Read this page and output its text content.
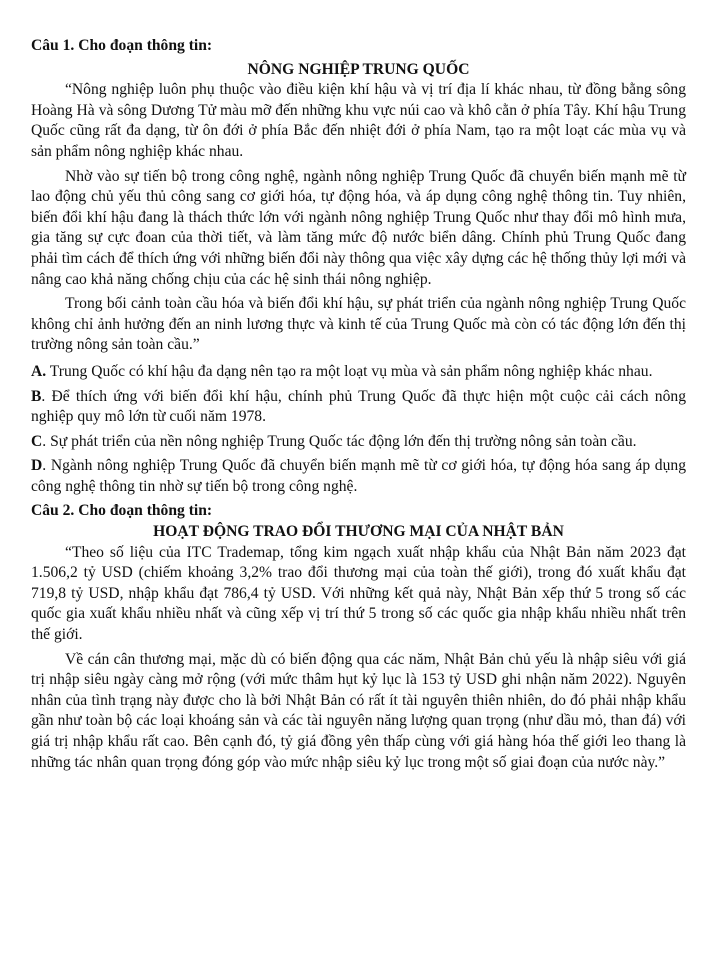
Câu 1. Cho đoạn thông tin:
NÔNG NGHIỆP TRUNG QUỐC

“Nông nghiệp luôn phụ thuộc vào điều kiện khí hậu và vị trí địa lí khác nhau, từ đồng bằng sông Hoàng Hà và sông Dương Tử màu mỡ đến những khu vực núi cao và khô cằn ở phía Tây. Khí hậu Trung Quốc cũng rất đa dạng, từ ôn đới ở phía Bắc đến nhiệt đới ở phía Nam, tạo ra một loạt các mùa vụ và sản phẩm nông nghiệp khác nhau.

Nhờ vào sự tiến bộ trong công nghệ, ngành nông nghiệp Trung Quốc đã chuyển biến mạnh mẽ từ lao động chủ yếu thủ công sang cơ giới hóa, tự động hóa, và áp dụng công nghệ thông tin. Tuy nhiên, biến đổi khí hậu đang là thách thức lớn với ngành nông nghiệp Trung Quốc như thay đổi mô hình mưa, gia tăng sự cực đoan của thời tiết, và làm tăng mức độ nước biển dâng. Chính phủ Trung Quốc đang phải tìm cách để thích ứng với những biến đổi này thông qua việc xây dựng các hệ thống thủy lợi mới và nâng cao khả năng chống chịu của các hệ sinh thái nông nghiệp.

Trong bối cảnh toàn cầu hóa và biến đổi khí hậu, sự phát triển của ngành nông nghiệp Trung Quốc không chỉ ảnh hưởng đến an ninh lương thực và kinh tế của Trung Quốc mà còn có tác động lớn đến thị trường nông sản toàn cầu.”

A. Trung Quốc có khí hậu đa dạng nên tạo ra một loạt vụ mùa và sản phẩm nông nghiệp khác nhau.

B. Để thích ứng với biến đổi khí hậu, chính phủ Trung Quốc đã thực hiện một cuộc cải cách nông nghiệp quy mô lớn từ cuối năm 1978.

C. Sự phát triển của nền nông nghiệp Trung Quốc tác động lớn đến thị trường nông sản toàn cầu.

D. Ngành nông nghiệp Trung Quốc đã chuyển biến mạnh mẽ từ cơ giới hóa, tự động hóa sang áp dụng công nghệ thông tin nhờ sự tiến bộ trong công nghệ.

Câu 2. Cho đoạn thông tin:
HOẠT ĐỘNG TRAO ĐỔI THƯƠNG MẠI CỦA NHẬT BẢN

“Theo số liệu của ITC Trademap, tổng kim ngạch xuất nhập khẩu của Nhật Bản năm 2023 đạt 1.506,2 tỷ USD (chiếm khoảng 3,2% trao đổi thương mại của toàn thế giới), trong đó xuất khẩu đạt 719,8 tỷ USD, nhập khẩu đạt 786,4 tỷ USD. Với những kết quả này, Nhật Bản xếp thứ 5 trong số các quốc gia xuất khẩu nhiều nhất và cũng xếp vị trí thứ 5 trong số các quốc gia nhập khẩu nhiều nhất trên thế giới.

Về cán cân thương mại, mặc dù có biến động qua các năm, Nhật Bản chủ yếu là nhập siêu với giá trị nhập siêu ngày càng mở rộng (với mức thâm hụt kỷ lục là 153 tỷ USD ghi nhận năm 2022). Nguyên nhân của tình trạng này được cho là bởi Nhật Bản có rất ít tài nguyên thiên nhiên, do đó phải nhập khẩu gần như toàn bộ các loại khoáng sản và các tài nguyên năng lượng quan trọng (như dầu mỏ, than đá) với giá trị nhập khẩu rất cao. Bên cạnh đó, tỷ giá đồng yên thấp cùng với giá hàng hóa thế giới leo thang là những tác nhân quan trọng đóng góp vào mức nhập siêu kỷ lục trong một số giai đoạn của nước này.”
